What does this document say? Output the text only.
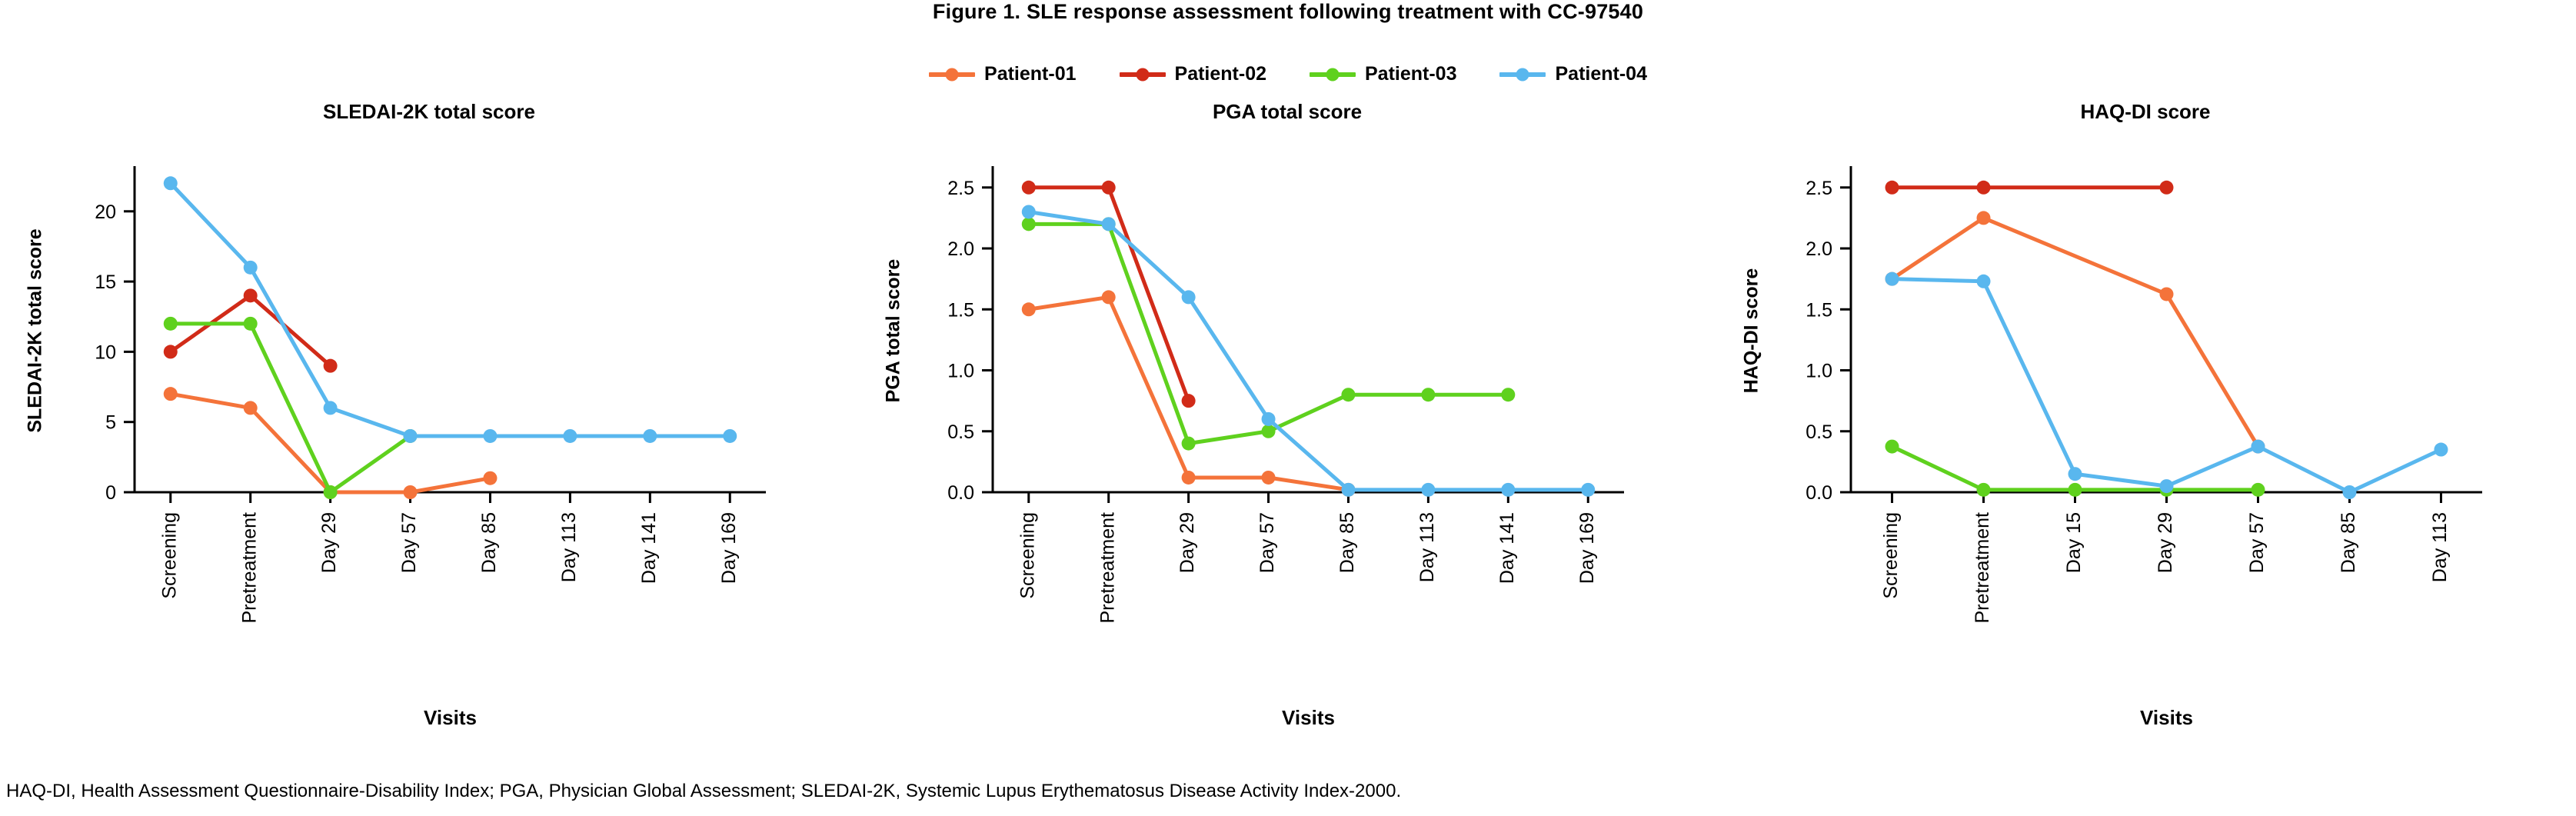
Figure 1. SLE response assessment following treatment with CC-97540
Patient-01	Patient-02	Patient-03	Patient-04
SLEDAI-2K total score
0
5
10
15
20
Screening	Pretreatment	Day 29	Day 57	Day 85	Day 113	Day 141	Day 169
SLEDAI-2K total score
Visits
PGA total score
0.0
0.5
1.0
1.5
2.0
2.5
Screening	Pretreatment	Day 29	Day 57	Day 85	Day 113	Day 141	Day 169
PGA total score
Visits
HAQ-DI score
0.0
0.5
1.0
1.5
2.0
2.5
Screening	Pretreatment	Day 15	Day 29	Day 57	Day 85	Day 113
HAQ-DI score
Visits
HAQ-DI, Health Assessment Questionnaire-Disability Index; PGA, Physician Global Assessment; SLEDAI-2K, Systemic Lupus Erythematosus Disease Activity Index-2000.
